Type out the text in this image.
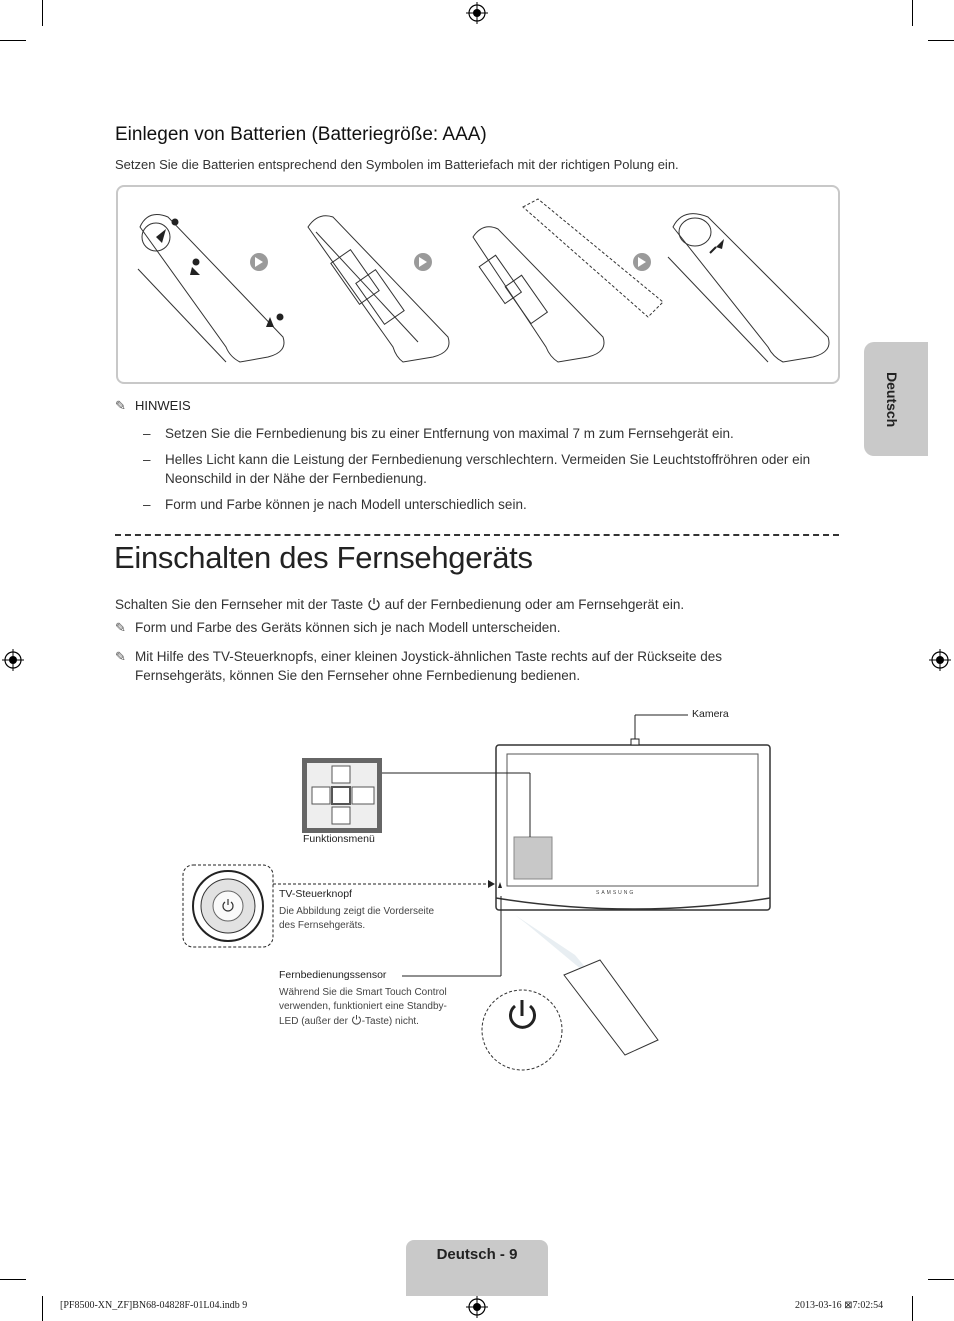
Einlegen von Batterien (Batteriegröße: AAA)
Setzen Sie die Batterien entsprechend den Symbolen im Batteriefach mit der richtigen Polung ein.
✎ HINWEIS
– Setzen Sie die Fernbedienung bis zu einer Entfernung von maximal 7 m zum Fernsehgerät ein.
– Helles Licht kann die Leistung der Fernbedienung verschlechtern. Vermeiden Sie Leuchtstoffröhren oder ein Neonschild in der Nähe der Fernbedienung.
– Form und Farbe können je nach Modell unterschiedlich sein.
Einschalten des Fernsehgeräts
Schalten Sie den Fernseher mit der Taste auf der Fernbedienung oder am Fernsehgerät ein.
✎ Form und Farbe des Geräts können sich je nach Modell unterscheiden.
✎ Mit Hilfe des TV-Steuerknopfs, einer kleinen Joystick-ähnlichen Taste rechts auf der Rückseite des Fernsehgeräts, können Sie den Fernseher ohne Fernbedienung bedienen.
Kamera
Funktionsmenü
TV-Steuerknopf
Die Abbildung zeigt die Vorderseite
des Fernsehgeräts.
Fernbedienungssensor
Während Sie die Smart Touch Control
verwenden, funktioniert eine Standby-
LED (außer der -Taste) nicht.
SAMSUNG
Deutsch
Deutsch - 9
[PF8500-XN_ZF]BN68-04828F-01L04.indb 9	2013-03-16 ⊠7:02:54
